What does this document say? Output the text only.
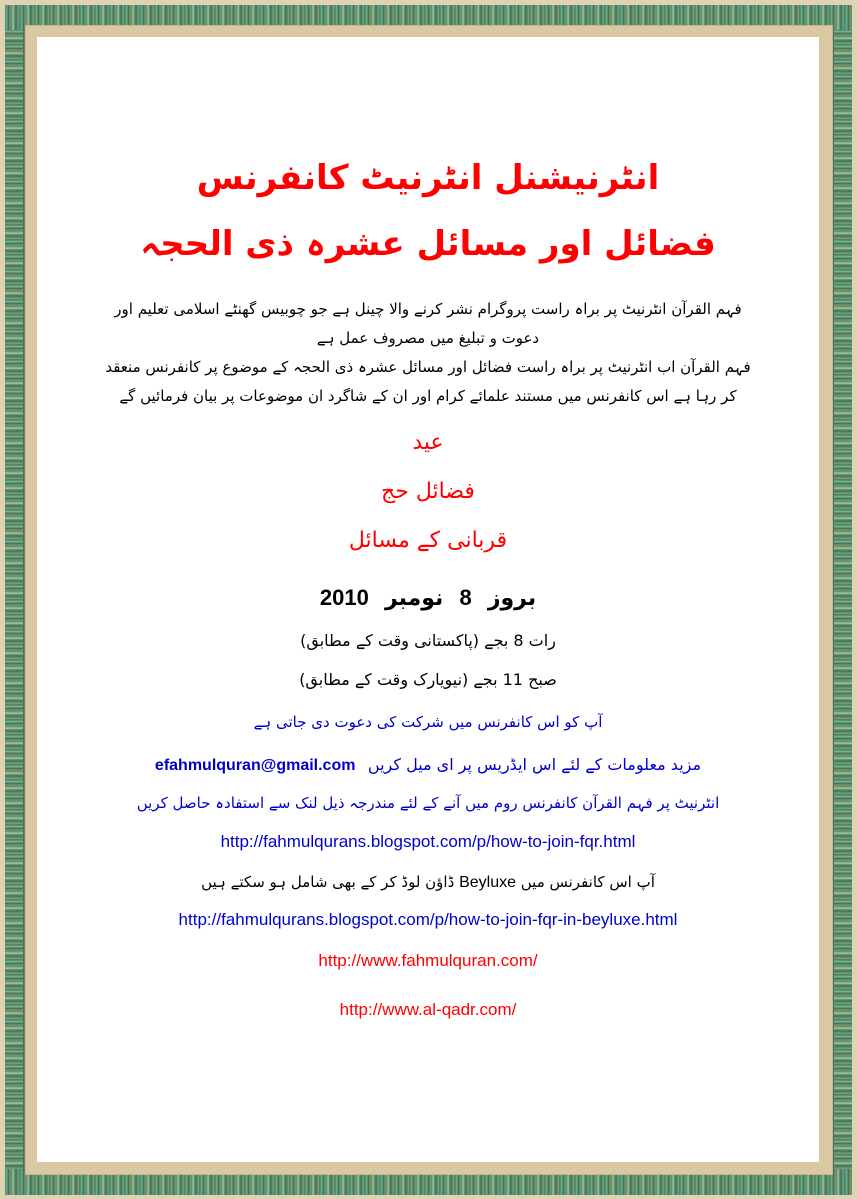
انٹرنیشنل انٹرنیٹ کانفرنس
فضائل اور مسائل عشرہ ذی الحجہ
فہم القرآن انٹرنیٹ پر براہ راست پروگرام نشر کرنے والا چینل ہے جو چوبیس گھنٹے اسلامی تعلیم اور دعوت و تبلیغ میں مصروف عمل ہے
فہم القرآن اب انٹرنیٹ پر براہ راست فضائل اور مسائل عشرہ ذی الحجہ کے موضوع پر کانفرنس منعقد کر رہا ہے اس کانفرنس میں مستند علمائے کرام اور ان کے شاگرد ان موضوعات پر بیان فرمائیں گے
عید
فضائل حج
قربانی کے مسائل
بروز 8 نومبر 2010
رات 8 بجے (پاکستانی وقت کے مطابق)
صبح 11 بجے (نیویارک وقت کے مطابق)
آپ کو اس کانفرنس میں شرکت کی دعوت دی جاتی ہے
مزید معلومات کے لئے اس ایڈریس پر ای میل کریں efahmulquran@gmail.com
انٹرنیٹ پر فہم القرآن کانفرنس روم میں آنے کے لئے مندرجہ ذیل لنک سے استفادہ حاصل کریں
http://fahmulqurans.blogspot.com/p/how-to-join-fqr.html
آپ اس کانفرنس میں Beyluxe ڈاؤن لوڈ کر کے بھی شامل ہو سکتے ہیں
http://fahmulqurans.blogspot.com/p/how-to-join-fqr-in-beyluxe.html
http://www.fahmulquran.com/
http://www.al-qadr.com/
